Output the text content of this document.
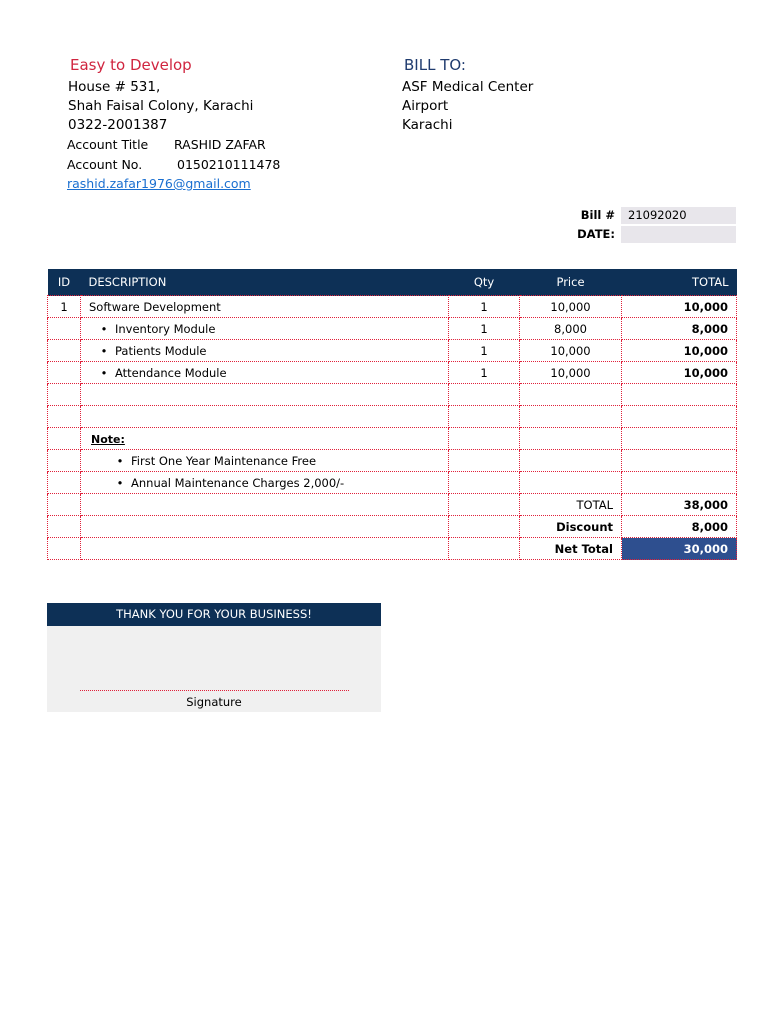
Easy to Develop
House # 531,
Shah Faisal Colony, Karachi
0322-2001387
Account Title RASHID ZAFAR
Account No.	0150210111478
rashid.zafar1976@gmail.com
BILL TO:
ASF Medical Center
Airport
Karachi
Bill #	21092020
DATE:
ID	DESCRIPTION	Qty	Price	TOTAL
1	Software Development	1	10,000	10,000
	• Inventory Module	1	8,000	8,000
	• Patients Module	1	10,000	10,000
	• Attendance Module	1	10,000	10,000

	Note:			
	• First One Year Maintenance Free			
	• Annual Maintenance Charges 2,000/-			
			TOTAL	38,000
			Discount	8,000
			Net Total	30,000
THANK YOU FOR YOUR BUSINESS!
Signature
